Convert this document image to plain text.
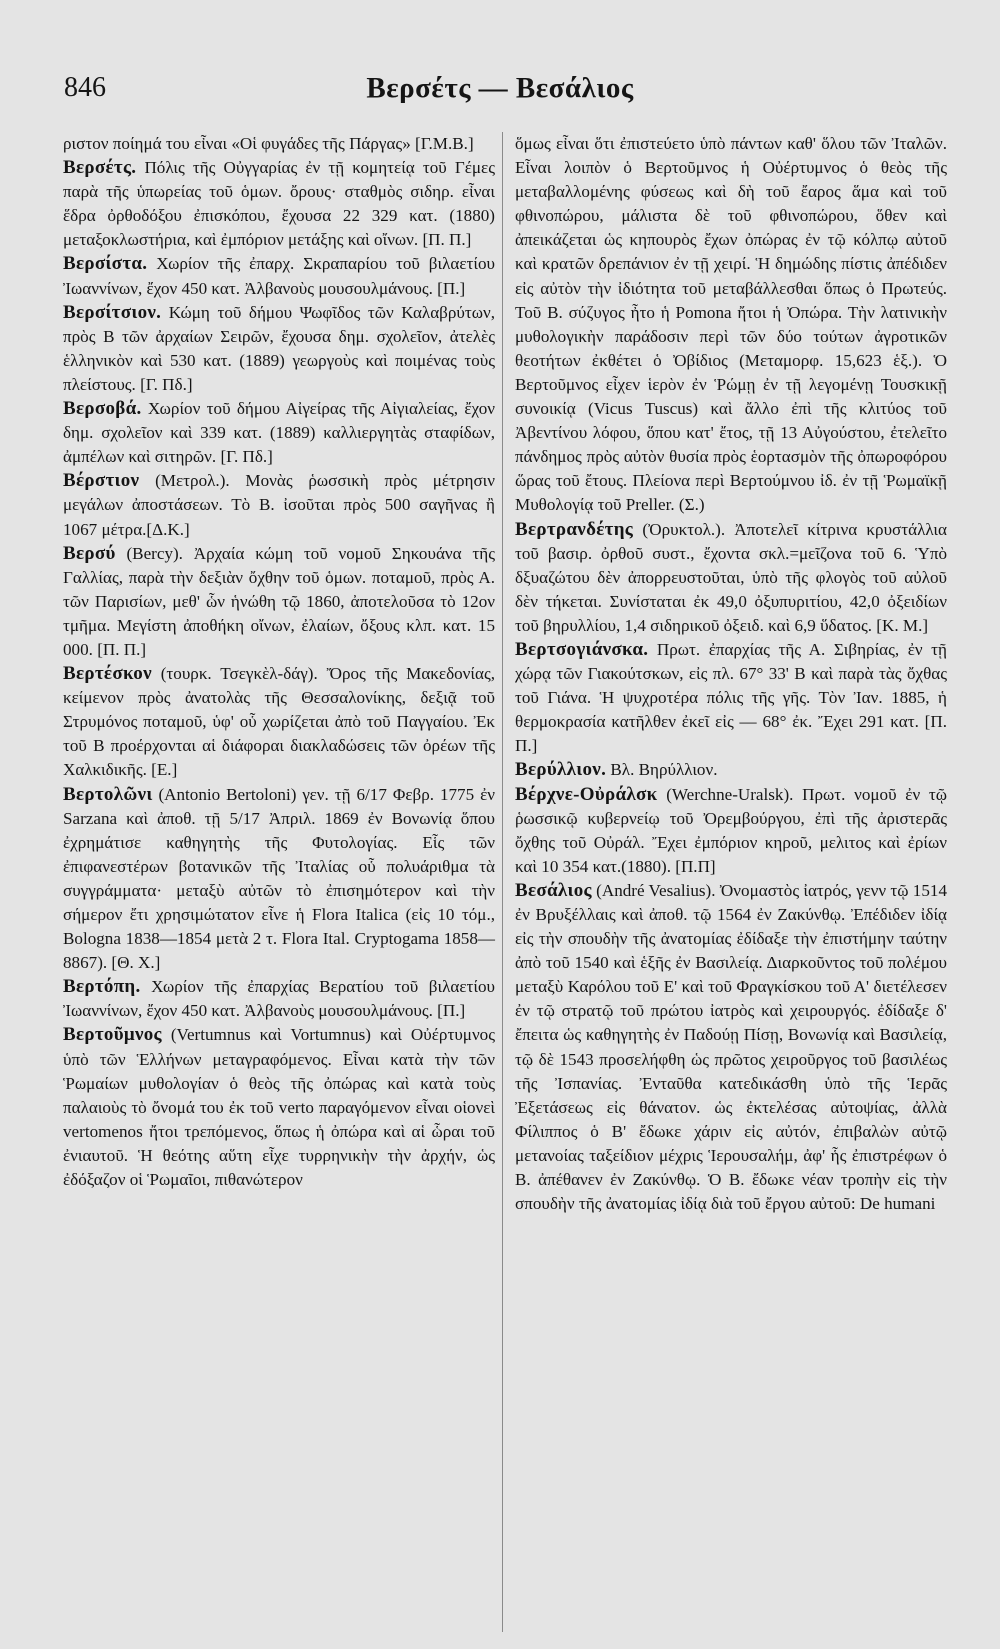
846	Βερσέτς — Βεσάλιος

ριστον ποίημά του εἶναι «Οἱ φυγάδες τῆς Πάργας» [Γ.Μ.Β.]

Βερσέτς. Πόλις τῆς Οὐγγαρίας ἐν τῇ κομητείᾳ τοῦ Γέμες παρὰ τῆς ὑπωρείας τοῦ ὁμων. ὄρους· σταθμὸς σιδηρ. εἶναι ἕδρα ὀρθοδόξου ἐπισκόπου, ἔχουσα 22 329 κατ. (1880) μεταξοκλωστήρια, καὶ ἐμπόριον μετάξης καὶ οἴνων. [Π. Π.]

Βερσίστα. Χωρίον τῆς ἐπαρχ. Σκραπαρίου τοῦ βιλαετίου Ἰωαννίνων, ἔχον 450 κατ. Ἀλβανοὺς μουσουλμάνους. [Π.]

Βερσίτσιον. Κώμη τοῦ δήμου Ψωφῖδος τῶν Καλαβρύτων, πρὸς Β τῶν ἀρχαίων Σειρῶν, ἔχουσα δημ. σχολεῖον, ἀτελὲς ἑλληνικὸν καὶ 530 κατ. (1889) γεωργοὺς καὶ ποιμένας τοὺς πλείστους. [Γ. Πδ.]

Βερσοβά. Χωρίον τοῦ δήμου Αἰγείρας τῆς Αἰγιαλείας, ἔχον δημ. σχολεῖον καὶ 339 κατ. (1889) καλλιεργητὰς σταφίδων, ἀμπέλων καὶ σιτηρῶν. [Γ. Πδ.]

Βέρστιον (Μετρολ.). Μονὰς ῥωσσικὴ πρὸς μέτρησιν μεγάλων ἀποστάσεων. Τὸ Β. ἰσοῦται πρὸς 500 σαγῆνας ἢ 1067 μέτρα.[Δ.Κ.]

Βερσύ (Bercy). Ἀρχαία κώμη τοῦ νομοῦ Σηκουάνα τῆς Γαλλίας, παρὰ τὴν δεξιὰν ὄχθην τοῦ ὁμων. ποταμοῦ, πρὸς Α. τῶν Παρισίων, μεθ' ὧν ἡνώθη τῷ 1860, ἀποτελοῦσα τὸ 12ον τμῆμα. Μεγίστη ἀποθήκη οἴνων, ἐλαίων, ὄξους κλπ. κατ. 15 000. [Π. Π.]

Βερτέσκον (τουρκ. Τσεγκὲλ-δάγ). Ὄρος τῆς Μακεδονίας, κείμενον πρὸς ἀνατολὰς τῆς Θεσσαλονίκης, δεξιᾷ τοῦ Στρυμόνος ποταμοῦ, ὑφ' οὗ χωρίζεται ἀπὸ τοῦ Παγγαίου. Ἐκ τοῦ Β προέρχονται αἱ διάφοραι διακλαδώσεις τῶν ὀρέων τῆς Χαλκιδικῆς. [Ε.]

Βερτολῶνι (Antonio Bertoloni) γεν. τῇ 6/17 Φεβρ. 1775 ἐν Sarzana καὶ ἀποθ. τῇ 5/17 Ἀπριλ. 1869 ἐν Βονωνίᾳ ὅπου ἐχρημάτισε καθηγητὴς τῆς Φυτολογίας. Εἷς τῶν ἐπιφανεστέρων βοτανικῶν τῆς Ἰταλίας οὗ πολυάριθμα τὰ συγγράμματα· μεταξὺ αὐτῶν τὸ ἐπισημότερον καὶ τὴν σήμερον ἔτι χρησιμώτατον εἶνε ἡ Flora Italica (εἰς 10 τόμ., Bologna 1838—1854 μετὰ 2 τ. Flora Ital. Cryptogama 1858—8867). [Θ. Χ.]

Βερτόπη. Χωρίον τῆς ἐπαρχίας Βερατίου τοῦ βιλαετίου Ἰωαννίνων, ἔχον 450 κατ. Ἀλβανοὺς μουσουλμάνους. [Π.]

Βερτοῦμνος (Vertumnus καὶ Vortumnus) καὶ Οὐέρτυμνος ὑπὸ τῶν Ἑλλήνων μεταγραφόμενος. Εἶναι κατὰ τὴν τῶν Ῥωμαίων μυθολογίαν ὁ θεὸς τῆς ὀπώρας καὶ κατὰ τοὺς παλαιοὺς τὸ ὄνομά του ἐκ τοῦ verto παραγόμενον εἶναι οἱονεὶ vertomenos ἤτοι τρεπόμενος, ὅπως ἡ ὀπώρα καὶ αἱ ὧραι τοῦ ἐνιαυτοῦ. Ἡ θεότης αὕτη εἶχε τυρρηνικὴν τὴν ἀρχήν, ὡς ἐδόξαζον οἱ Ῥωμαῖοι, πιθανώτερον

ὅμως εἶναι ὅτι ἐπιστεύετο ὑπὸ πάντων καθ' ὅλου τῶν Ἰταλῶν. Εἶναι λοιπὸν ὁ Βερτοῦμνος ἡ Οὐέρτυμνος ὁ θεὸς τῆς μεταβαλλομένης φύσεως καὶ δὴ τοῦ ἔαρος ἅμα καὶ τοῦ φθινοπώρου, μάλιστα δὲ τοῦ φθινοπώρου, ὅθεν καὶ ἀπεικάζεται ὡς κηπουρὸς ἔχων ὀπώρας ἐν τῷ κόλπῳ αὐτοῦ καὶ κρατῶν δρεπάνιον ἐν τῇ χειρί. Ἡ δημώδης πίστις ἀπέδιδεν εἰς αὐτὸν τὴν ἰδιότητα τοῦ μεταβάλλεσθαι ὅπως ὁ Πρωτεύς. Τοῦ Β. σύζυγος ἦτο ἡ Pomona ἤτοι ἡ Ὀπώρα. Τὴν λατινικὴν μυθολογικὴν παράδοσιν περὶ τῶν δύο τούτων ἀγροτικῶν θεοτήτων ἐκθέτει ὁ Ὀβίδιος (Μεταμορφ. 15,623 ἑξ.). Ὁ Βερτοῦμνος εἶχεν ἱερὸν ἐν Ῥώμῃ ἐν τῇ λεγομένῃ Τουσκικῇ συνοικίᾳ (Vicus Tuscus) καὶ ἄλλο ἐπὶ τῆς κλιτύος τοῦ Ἀβεντίνου λόφου, ὅπου κατ' ἔτος, τῇ 13 Αὐγούστου, ἐτελεῖτο πάνδημος πρὸς αὐτὸν θυσία πρὸς ἑορτασμὸν τῆς ὀπωροφόρου ὥρας τοῦ ἔτους. Πλείονα περὶ Βερτούμνου ἰδ. ἐν τῇ Ῥωμαϊκῇ Μυθολογίᾳ τοῦ Preller. (Σ.)

Βερτρανδέτης (Ὀρυκτολ.). Ἀποτελεῖ κίτρινα κρυστάλλια τοῦ βασιρ. ὀρθοῦ συστ., ἔχοντα σκλ.=μεῖζονα τοῦ 6. Ὑπὸ δξυαζώτου δὲν ἀπορρευστοῦται, ὑπὸ τῆς φλογὸς τοῦ αὐλοῦ δὲν τήκεται. Συνίσταται ἐκ 49,0 ὀξυπυριτίου, 42,0 ὀξειδίων τοῦ βηρυλλίου, 1,4 σιδηρικοῦ ὀξειδ. καὶ 6,9 ὕδατος. [Κ. Μ.]

Βερτσογιάνσκα. Πρωτ. ἐπαρχίας τῆς Α. Σιβηρίας, ἐν τῇ χώρᾳ τῶν Γιακούτσκων, εἰς πλ. 67° 33' Β καὶ παρὰ τὰς ὄχθας τοῦ Γιάνα. Ἡ ψυχροτέρα πόλις τῆς γῆς. Τὸν Ἰαν. 1885, ἡ θερμοκρασία κατῆλθεν ἐκεῖ εἰς — 68° ἐκ. Ἔχει 291 κατ. [Π. Π.]

Βερύλλιον. Βλ. Βηρύλλιον.

Βέρχνε-Οὐράλσκ (Werchne-Uralsk). Πρωτ. νομοῦ ἐν τῷ ῥωσσικῷ κυβερνείῳ τοῦ Ὀρεμβούργου, ἐπὶ τῆς ἀριστερᾶς ὄχθης τοῦ Οὐράλ. Ἔχει ἐμπόριον κηροῦ, μελιτος καὶ ἐρίων καὶ 10 354 κατ.(1880). [Π.Π]

Βεσάλιος (André Vesalius). Ὀνομαστὸς ἰατρός, γενν τῷ 1514 ἐν Βρυξέλλαις καὶ ἀποθ. τῷ 1564 ἐν Ζακύνθῳ. Ἐπέδιδεν ἰδίᾳ εἰς τὴν σπουδὴν τῆς ἀνατομίας ἐδίδαξε τὴν ἐπιστήμην ταύτην ἀπὸ τοῦ 1540 καὶ ἑξῆς ἐν Βασιλείᾳ. Διαρκοῦντος τοῦ πολέμου μεταξὺ Καρόλου τοῦ Ε' καὶ τοῦ Φραγκίσκου τοῦ Α' διετέλεσεν ἐν τῷ στρατῷ τοῦ πρώτου ἰατρὸς καὶ χειρουργός. ἐδίδαξε δ' ἔπειτα ὡς καθηγητὴς ἐν Παδούῃ Πίσῃ, Βονωνίᾳ καὶ Βασιλείᾳ, τῷ δὲ 1543 προσελήφθη ὡς πρῶτος χειροῦργος τοῦ βασιλέως τῆς Ἰσπανίας. Ἐνταῦθα κατεδικάσθη ὑπὸ τῆς Ἱερᾶς Ἐξετάσεως εἰς θάνατον. ὡς ἐκτελέσας αὐτοψίας, ἀλλὰ Φίλιππος ὁ Β' ἔδωκε χάριν εἰς αὐτόν, ἐπιβαλὼν αὐτῷ μετανοίας ταξείδιον μέχρις Ἱερουσαλήμ, ἀφ' ἧς ἐπιστρέφων ὁ Β. ἀπέθανεν ἐν Ζακύνθῳ. Ὁ Β. ἔδωκε νέαν τροπὴν εἰς τὴν σπουδὴν τῆς ἀνατομίας ἰδίᾳ διὰ τοῦ ἔργου αὐτοῦ: De humani
